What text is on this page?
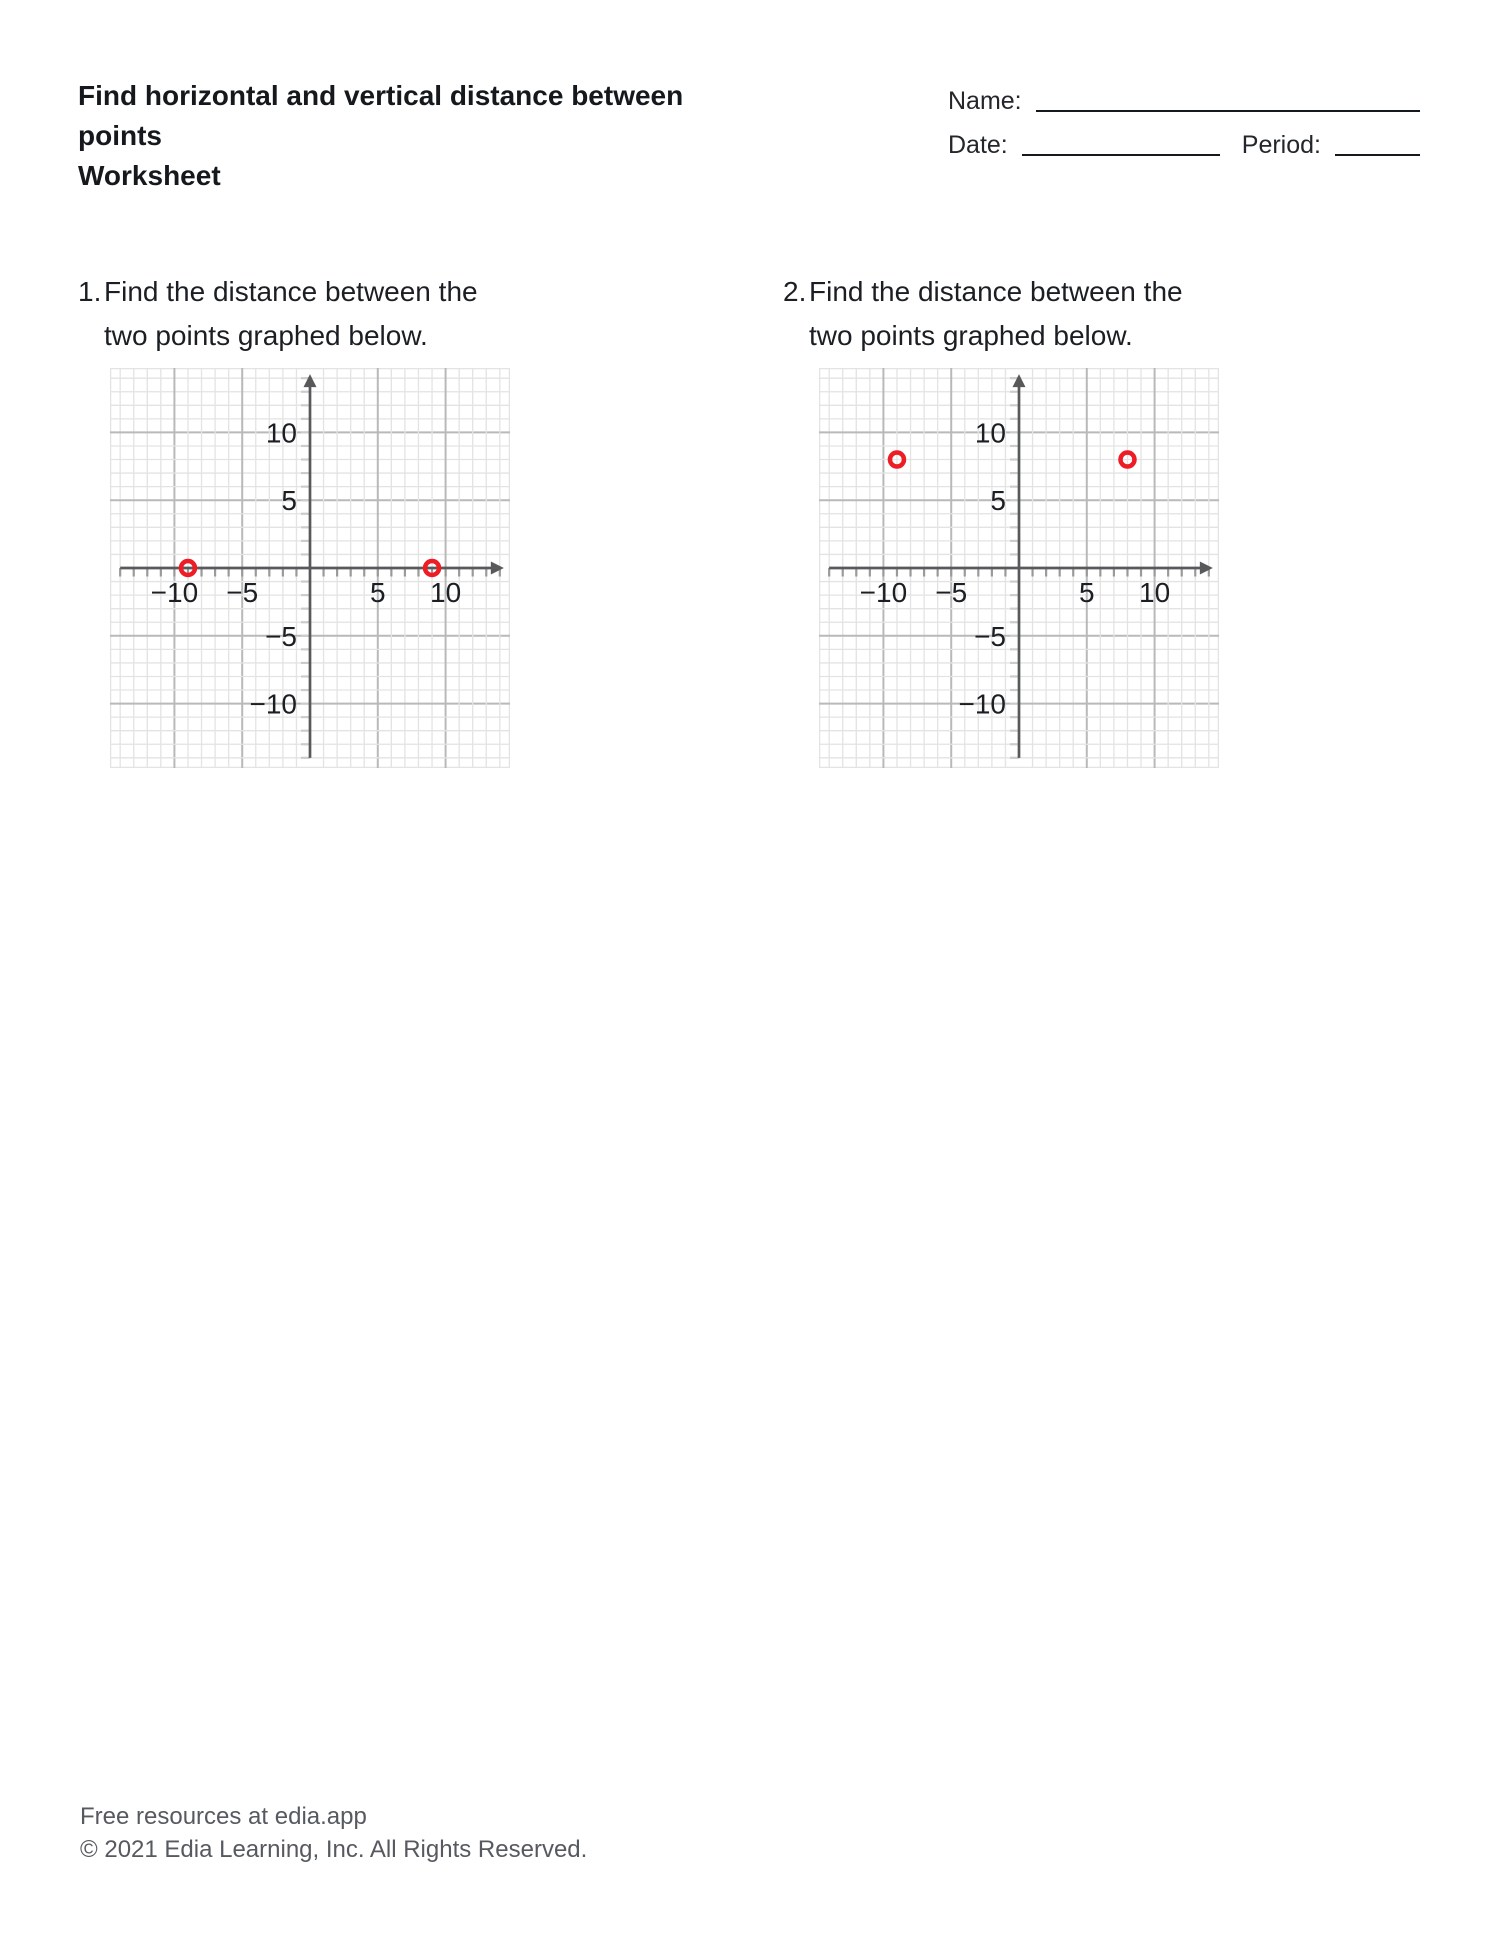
Find horizontal and vertical distance between points
Worksheet
Name:
Date:	Period:
1. Find the distance between the two points graphed below.
2. Find the distance between the two points graphed below.
−10 −5	5 10
10
5
−5
−10
−10 −5	5 10
10
5
−5
−10
Free resources at edia.app
© 2021 Edia Learning, Inc. All Rights Reserved.
